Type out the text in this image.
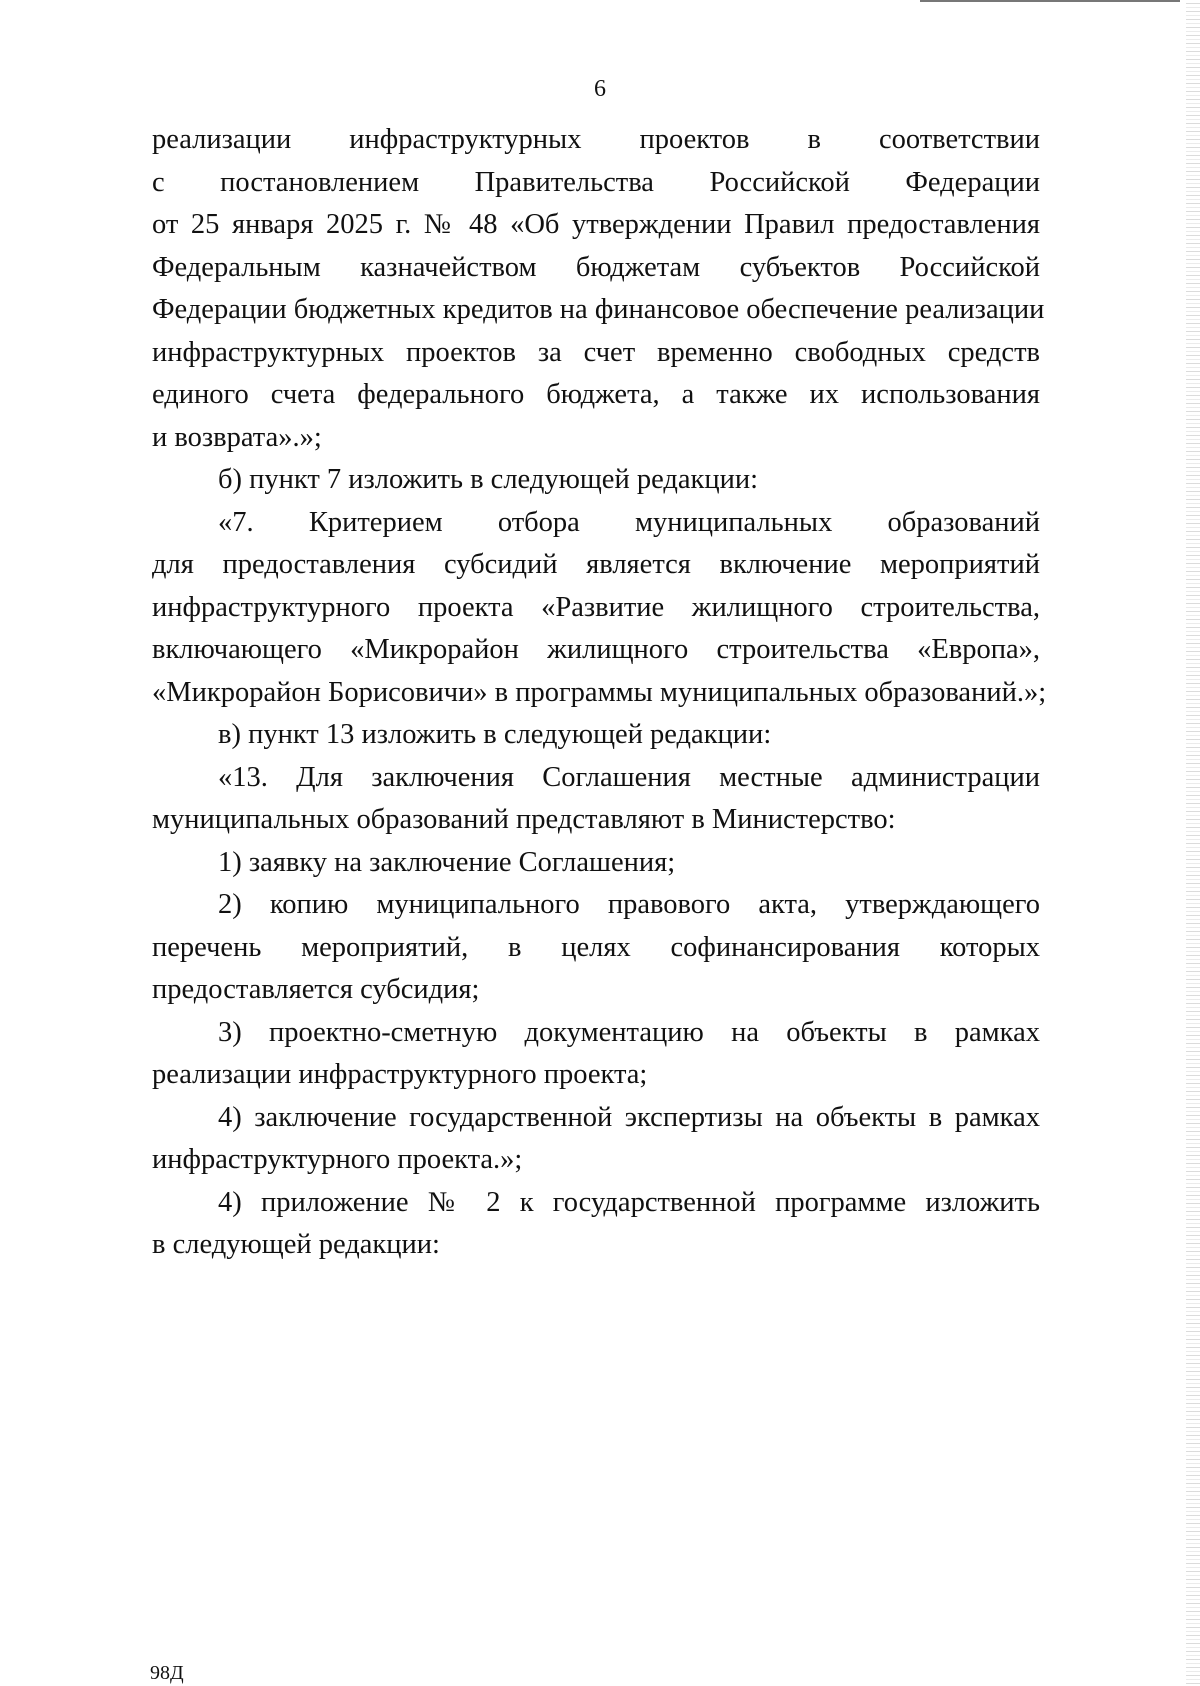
6
реализации инфраструктурных проектов в соответствии
с постановлением Правительства Российской Федерации
от 25 января 2025 г. № 48 «Об утверждении Правил предоставления
Федеральным казначейством бюджетам субъектов Российской
Федерации бюджетных кредитов на финансовое обеспечение реализации
инфраструктурных проектов за счет временно свободных средств
единого счета федерального бюджета, а также их использования
и возврата».»;
б) пункт 7 изложить в следующей редакции:
«7. Критерием отбора муниципальных образований
для предоставления субсидий является включение мероприятий
инфраструктурного проекта «Развитие жилищного строительства,
включающего «Микрорайон жилищного строительства «Европа»,
«Микрорайон Борисовичи» в программы муниципальных образований.»;
в) пункт 13 изложить в следующей редакции:
«13. Для заключения Соглашения местные администрации
муниципальных образований представляют в Министерство:
1) заявку на заключение Соглашения;
2) копию муниципального правового акта, утверждающего
перечень мероприятий, в целях софинансирования которых
предоставляется субсидия;
3) проектно-сметную документацию на объекты в рамках
реализации инфраструктурного проекта;
4) заключение государственной экспертизы на объекты в рамках
инфраструктурного проекта.»;
4) приложение № 2 к государственной программе изложить
в следующей редакции:
98Д
